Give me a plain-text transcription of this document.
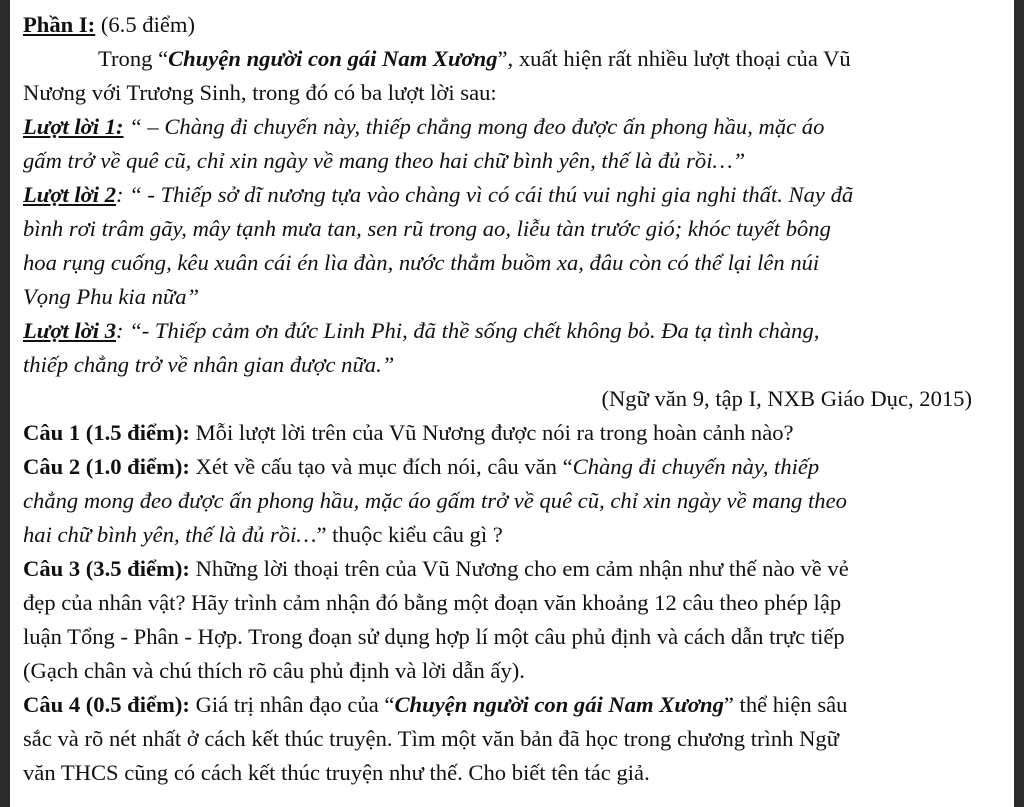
Phần I: (6.5 điểm)
Trong “Chuyện người con gái Nam Xương”, xuất hiện rất nhiều lượt thoại của Vũ
Nương với Trương Sinh, trong đó có ba lượt lời sau:
Lượt lời 1: “ – Chàng đi chuyến này, thiếp chẳng mong đeo được ấn phong hầu, mặc áo
gấm trở về quê cũ, chỉ xin ngày về mang theo hai chữ bình yên, thế là đủ rồi…”
Lượt lời 2: “ - Thiếp sở dĩ nương tựa vào chàng vì có cái thú vui nghi gia nghi thất. Nay đã
bình rơi trâm gãy, mây tạnh mưa tan, sen rũ trong ao, liễu tàn trước gió; khóc tuyết bông
hoa rụng cuống, kêu xuân cái én lìa đàn, nước thẳm buồm xa, đâu còn có thể lại lên núi
Vọng Phu kia nữa”
Lượt lời 3: “- Thiếp cảm ơn đức Linh Phi, đã thề sống chết không bỏ. Đa tạ tình chàng,
thiếp chẳng trở về nhân gian được nữa.”
(Ngữ văn 9, tập I, NXB Giáo Dục, 2015)
Câu 1 (1.5 điểm): Mỗi lượt lời trên của Vũ Nương được nói ra trong hoàn cảnh nào?
Câu 2 (1.0 điểm): Xét về cấu tạo và mục đích nói, câu văn “Chàng đi chuyến này, thiếp
chẳng mong đeo được ấn phong hầu, mặc áo gấm trở về quê cũ, chỉ xin ngày về mang theo
hai chữ bình yên, thế là đủ rồi…” thuộc kiểu câu gì ?
Câu 3 (3.5 điểm): Những lời thoại trên của Vũ Nương cho em cảm nhận như thế nào về vẻ
đẹp của nhân vật? Hãy trình cảm nhận đó bằng một đoạn văn khoảng 12 câu theo phép lập
luận Tổng - Phân - Hợp. Trong đoạn sử dụng hợp lí một câu phủ định và cách dẫn trực tiếp
(Gạch chân và chú thích rõ câu phủ định và lời dẫn ấy).
Câu 4 (0.5 điểm): Giá trị nhân đạo của “Chuyện người con gái Nam Xương” thể hiện sâu
sắc và rõ nét nhất ở cách kết thúc truyện. Tìm một văn bản đã học trong chương trình Ngữ
văn THCS cũng có cách kết thúc truyện như thế. Cho biết tên tác giả.
